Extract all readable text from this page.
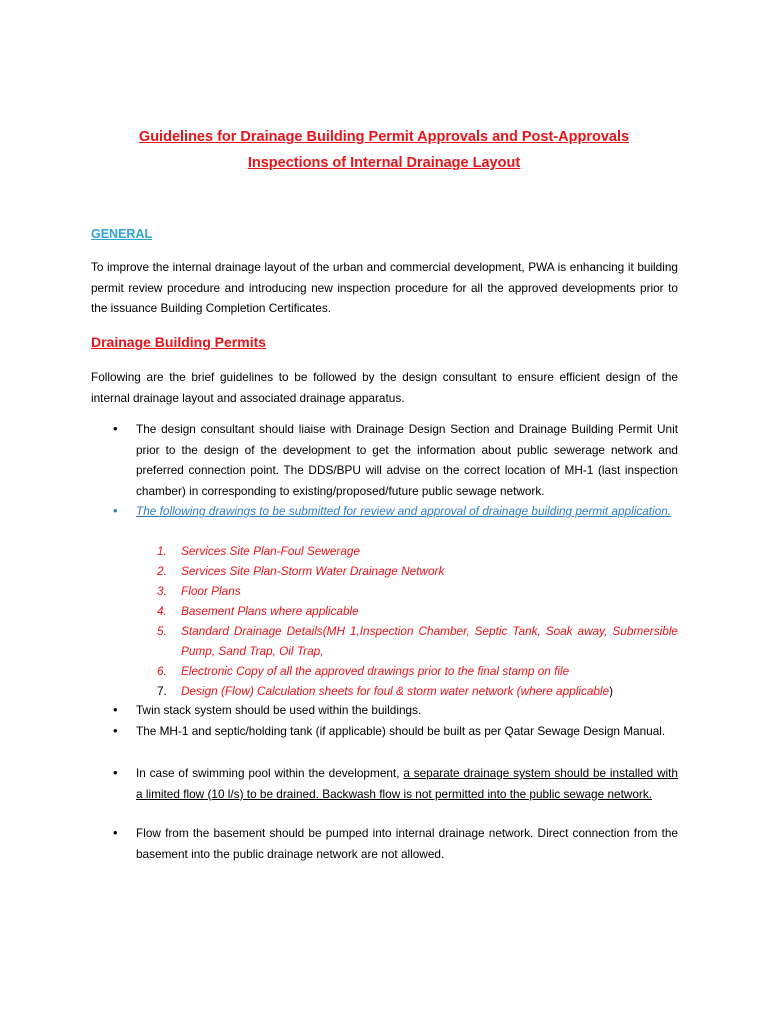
Guidelines for Drainage Building Permit Approvals and Post-Approvals
Inspections of Internal Drainage Layout
GENERAL
To improve the internal drainage layout of the urban and commercial development, PWA is enhancing it building permit review procedure and introducing new inspection procedure for all the approved developments prior to the issuance Building Completion Certificates.
Drainage Building Permits
Following are the brief guidelines to be followed by the design consultant to ensure efficient design of the internal drainage layout and associated drainage apparatus.
•	The design consultant should liaise with Drainage Design Section and Drainage Building Permit Unit prior to the design of the development to get the information about public sewerage network and preferred connection point. The DDS/BPU will advise on the correct location of MH-1 (last inspection chamber) in corresponding to existing/proposed/future public sewage network.
•	The following drawings to be submitted for review and approval of drainage building permit application.
•	Twin stack system should be used within the buildings.
•	The MH-1 and septic/holding tank (if applicable) should be built as per Qatar Sewage Design Manual.
•	In case of swimming pool within the development, a separate drainage system should be installed with a limited flow (10 l/s) to be drained. Backwash flow is not permitted into the public sewage network.
•	Flow from the basement should be pumped into internal drainage network. Direct connection from the basement into the public drainage network are not allowed.
1.	Services Site Plan-Foul Sewerage
2.	Services Site Plan-Storm Water Drainage Network
3.	Floor Plans
4.	Basement Plans where applicable
5.	Standard Drainage Details(MH 1,Inspection Chamber, Septic Tank, Soak away, Submersible Pump, Sand Trap, Oil Trap,
6.	Electronic Copy of all the approved drawings prior to the final stamp on file
7.	Design (Flow) Calculation sheets for foul & storm water network (where applicable)
